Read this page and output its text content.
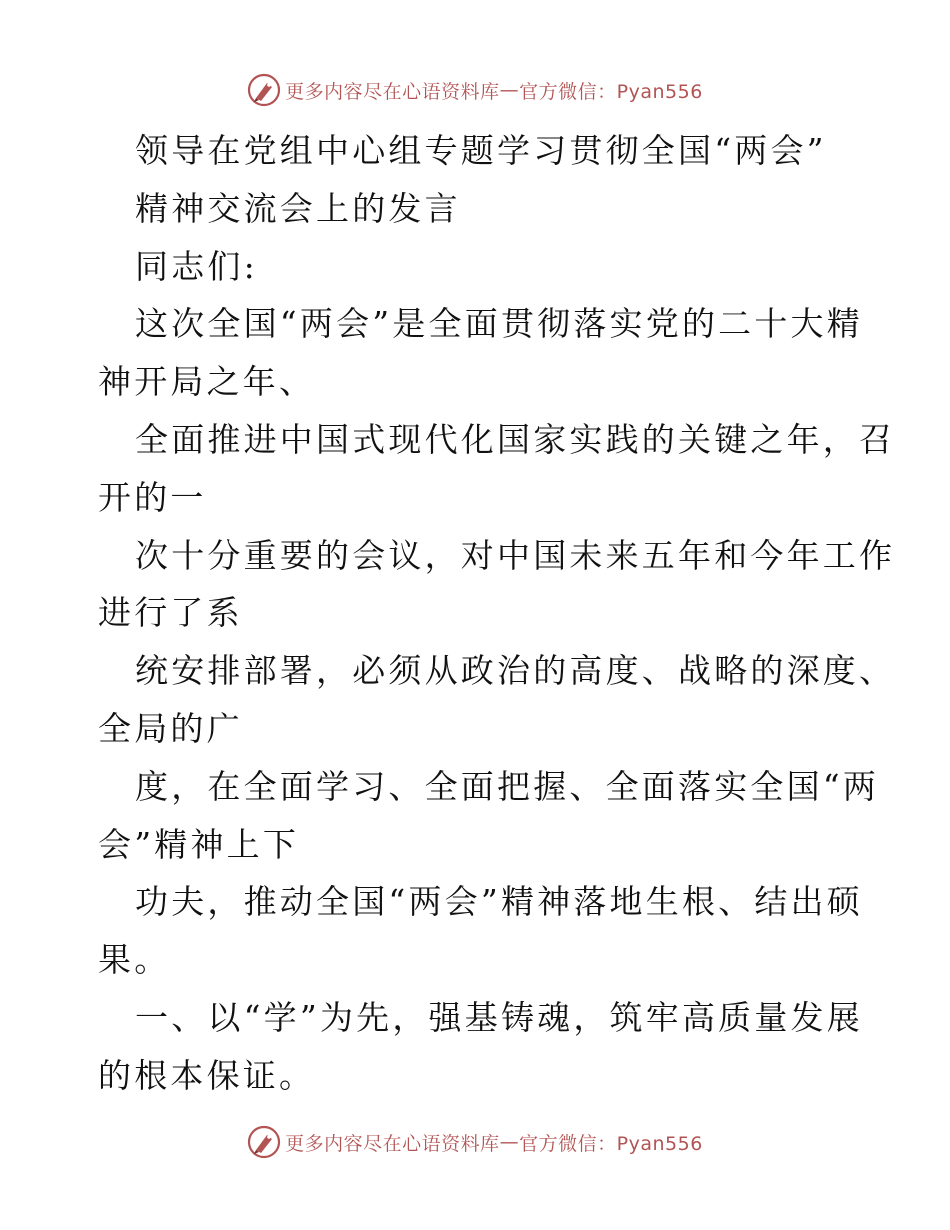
更多内容尽在心语资料库 — 官方微信：Pyan556
领导在党组中心组专题学习贯彻全国“两会”
精神交流会上的发言
同志们:
这次全国“两会”是全面贯彻落实党的二十大精
神开局之年、
全面推进中国式现代化国家实践的关键之年，召
开的一
次十分重要的会议，对中国未来五年和今年工作
进行了系
统安排部署，必须从政治的高度、战略的深度、
全局的广
度，在全面学习、全面把握、全面落实全国“两
会”精神上下
功夫，推动全国“两会”精神落地生根、结出硕
果。
一、以“学”为先，强基铸魂，筑牢高质量发展
的根本保证。
更多内容尽在心语资料库 — 官方微信：Pyan556
